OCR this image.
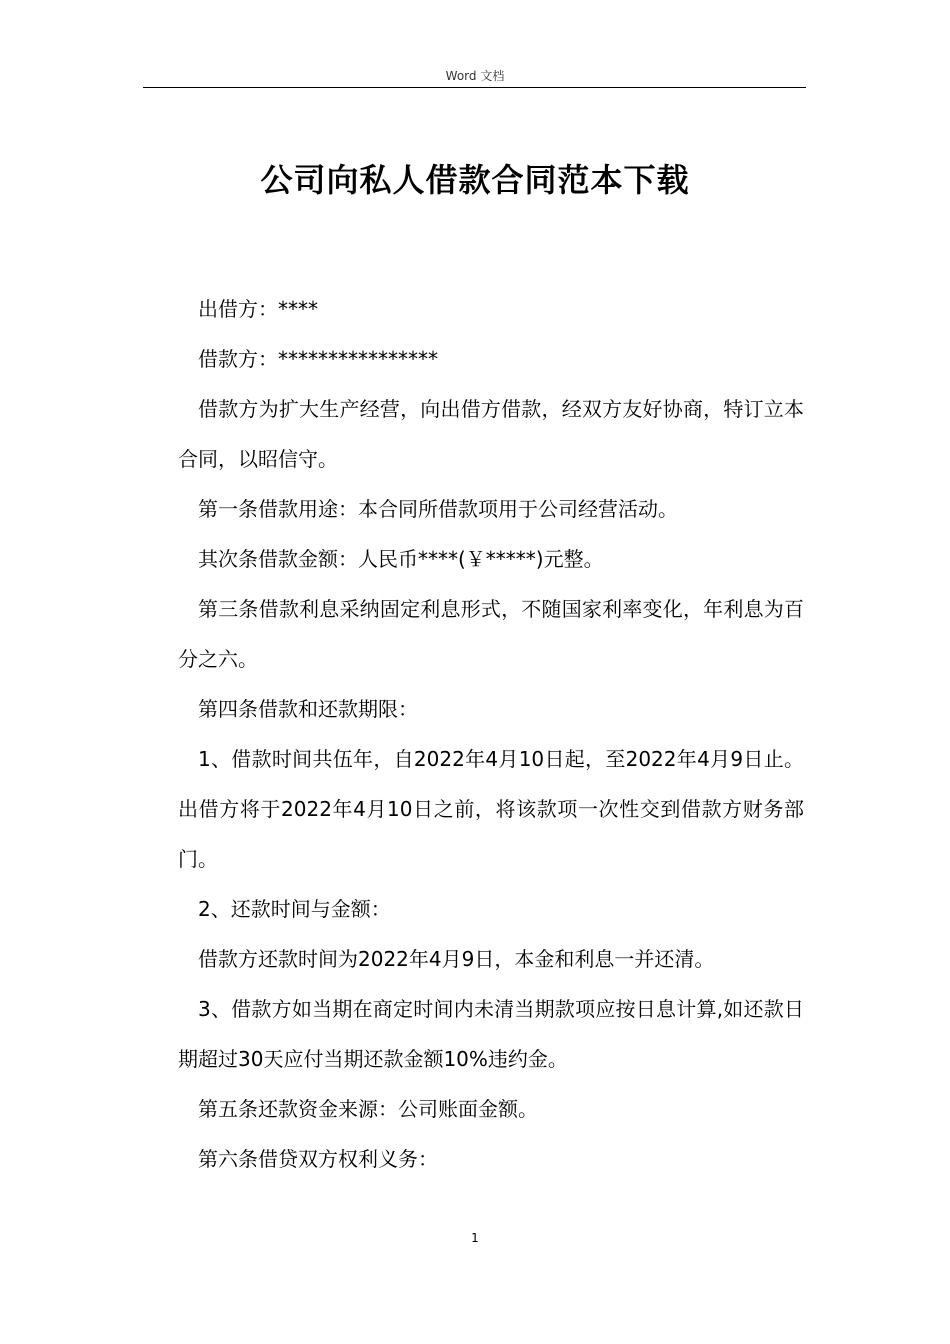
Word 文档
公司向私人借款合同范本下载

出借方：****

借款方：****************

借款方为扩大生产经营，向出借方借款，经双方友好协商，特订立本合同，以昭信守。

第一条借款用途：本合同所借款项用于公司经营活动。

其次条借款金额：人民币****(￥*****)元整。

第三条借款利息采纳固定利息形式，不随国家利率变化，年利息为百分之六。

第四条借款和还款期限：

1、借款时间共伍年，自2022年4月10日起，至2022年4月9日止。出借方将于2022年4月10日之前，将该款项一次性交到借款方财务部门。

2、还款时间与金额：

借款方还款时间为2022年4月9日，本金和利息一并还清。

3、借款方如当期在商定时间内未清当期款项应按日息计算,如还款日期超过30天应付当期还款金额10%违约金。

第五条还款资金来源：公司账面金额。

第六条借贷双方权利义务：

1
